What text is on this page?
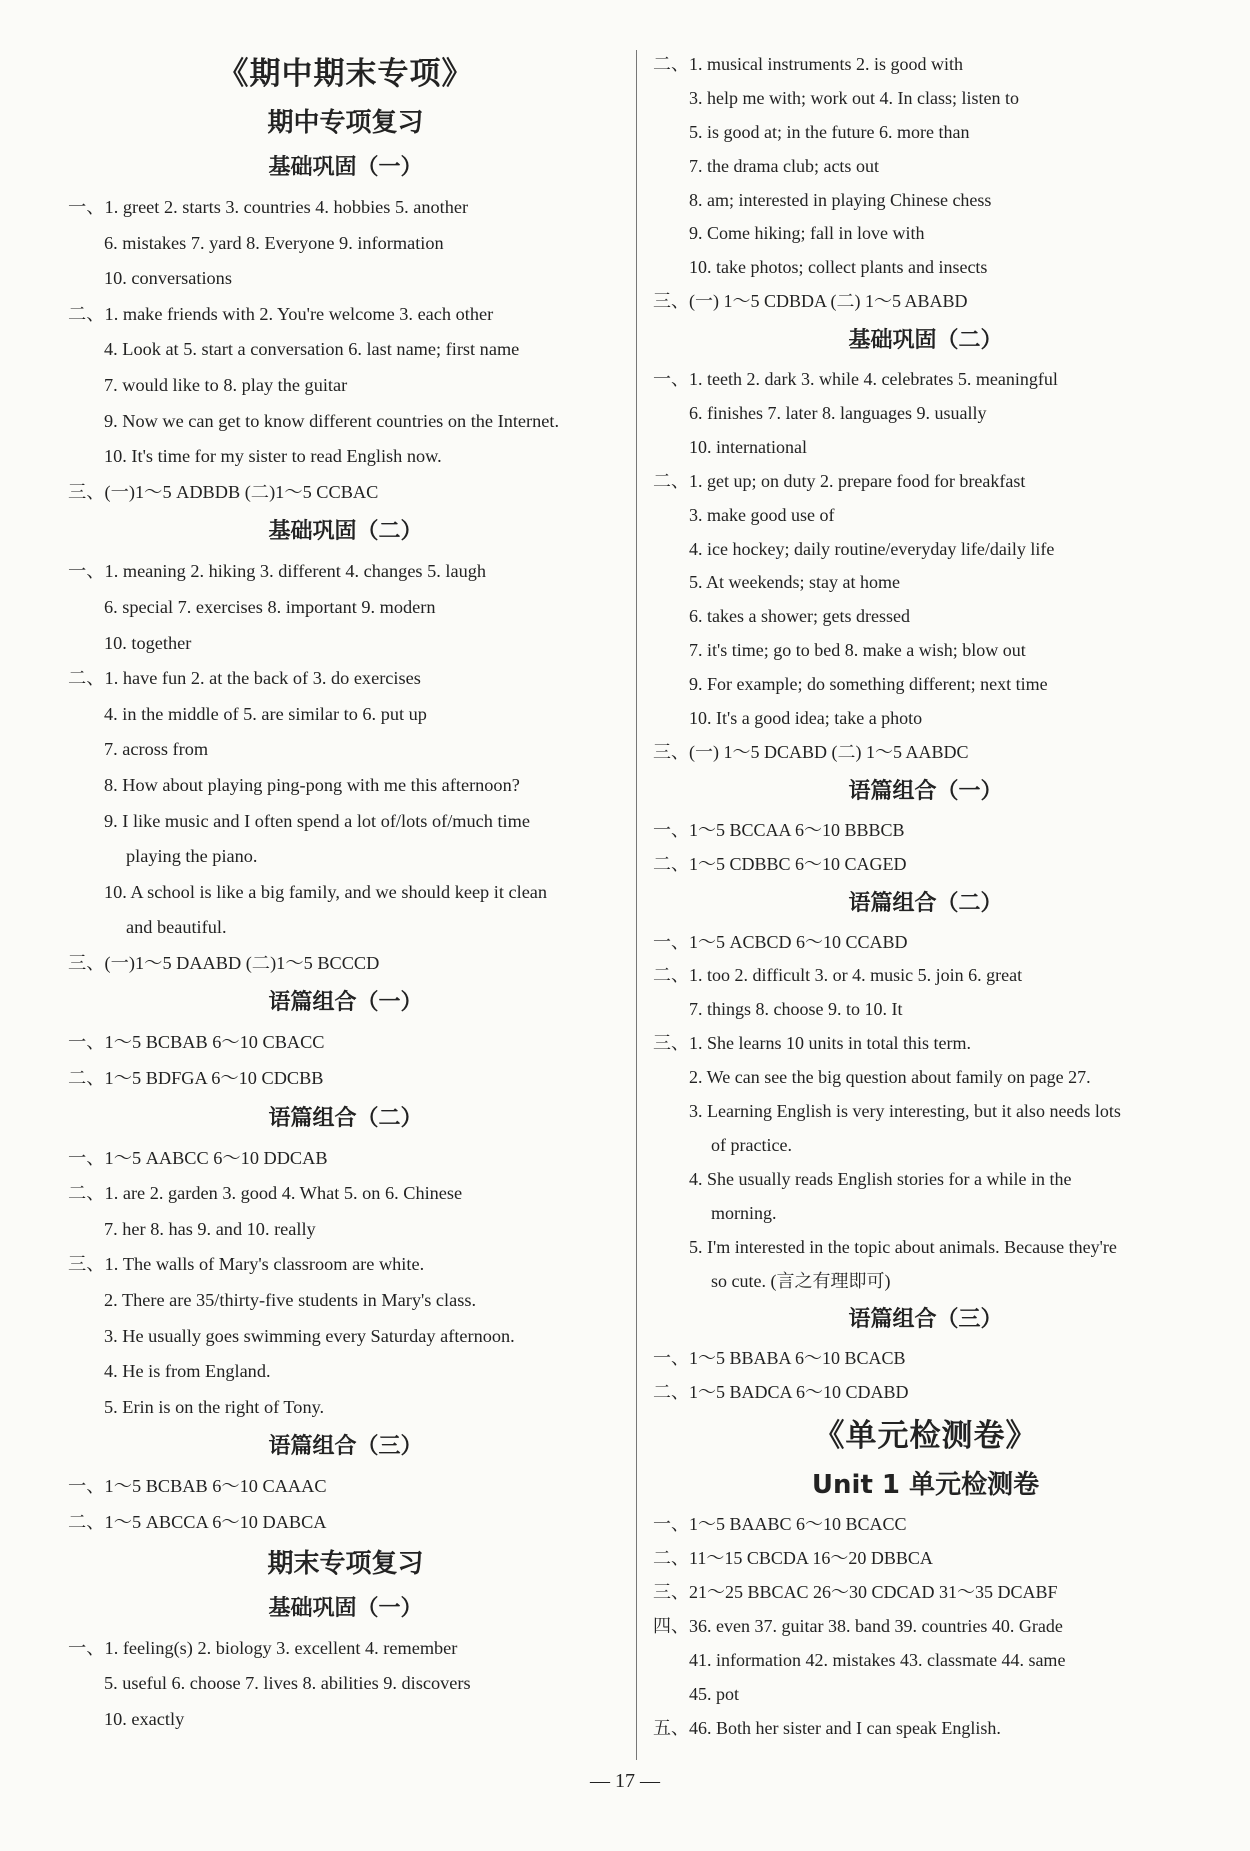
《期中期末专项》
期中专项复习
基础巩固（一）
一、1. greet 2. starts 3. countries 4. hobbies 5. another
6. mistakes 7. yard 8. Everyone 9. information
10. conversations
二、1. make friends with 2. You're welcome 3. each other
4. Look at 5. start a conversation 6. last name; first name
7. would like to 8. play the guitar
9. Now we can get to know different countries on the Internet.
10. It's time for my sister to read English now.
三、(一)1～5 ADBDB (二)1～5 CCBAC
基础巩固（二）
一、1. meaning 2. hiking 3. different 4. changes 5. laugh
6. special 7. exercises 8. important 9. modern
10. together
二、1. have fun 2. at the back of 3. do exercises
4. in the middle of 5. are similar to 6. put up
7. across from
8. How about playing ping-pong with me this afternoon?
9. I like music and I often spend a lot of/lots of/much time
playing the piano.
10. A school is like a big family, and we should keep it clean
and beautiful.
三、(一)1～5 DAABD (二)1～5 BCCCD
语篇组合（一）
一、1～5 BCBAB 6～10 CBACC
二、1～5 BDFGA 6～10 CDCBB
语篇组合（二）
一、1～5 AABCC 6～10 DDCAB
二、1. are 2. garden 3. good 4. What 5. on 6. Chinese
7. her 8. has 9. and 10. really
三、1. The walls of Mary's classroom are white.
2. There are 35/thirty-five students in Mary's class.
3. He usually goes swimming every Saturday afternoon.
4. He is from England.
5. Erin is on the right of Tony.
语篇组合（三）
一、1～5 BCBAB 6～10 CAAAC
二、1～5 ABCCA 6～10 DABCA
期末专项复习
基础巩固（一）
一、1. feeling(s) 2. biology 3. excellent 4. remember
5. useful 6. choose 7. lives 8. abilities 9. discovers
10. exactly
二、1. musical instruments 2. is good with
3. help me with; work out 4. In class; listen to
5. is good at; in the future 6. more than
7. the drama club; acts out
8. am; interested in playing Chinese chess
9. Come hiking; fall in love with
10. take photos; collect plants and insects
三、(一) 1～5 CDBDA (二) 1～5 ABABD
基础巩固（二）
一、1. teeth 2. dark 3. while 4. celebrates 5. meaningful
6. finishes 7. later 8. languages 9. usually
10. international
二、1. get up; on duty 2. prepare food for breakfast
3. make good use of
4. ice hockey; daily routine/everyday life/daily life
5. At weekends; stay at home
6. takes a shower; gets dressed
7. it's time; go to bed 8. make a wish; blow out
9. For example; do something different; next time
10. It's a good idea; take a photo
三、(一) 1～5 DCABD (二) 1～5 AABDC
语篇组合（一）
一、1～5 BCCAA 6～10 BBBCB
二、1～5 CDBBC 6～10 CAGED
语篇组合（二）
一、1～5 ACBCD 6～10 CCABD
二、1. too 2. difficult 3. or 4. music 5. join 6. great
7. things 8. choose 9. to 10. It
三、1. She learns 10 units in total this term.
2. We can see the big question about family on page 27.
3. Learning English is very interesting, but it also needs lots
of practice.
4. She usually reads English stories for a while in the
morning.
5. I'm interested in the topic about animals. Because they're
so cute. (言之有理即可)
语篇组合（三）
一、1～5 BBABA 6～10 BCACB
二、1～5 BADCA 6～10 CDABD
《单元检测卷》
Unit 1 单元检测卷
一、1～5 BAABC 6～10 BCACC
二、11～15 CBCDA 16～20 DBBCA
三、21～25 BBCAC 26～30 CDCAD 31～35 DCABF
四、36. even 37. guitar 38. band 39. countries 40. Grade
41. information 42. mistakes 43. classmate 44. same
45. pot
五、46. Both her sister and I can speak English.
— 17 —
